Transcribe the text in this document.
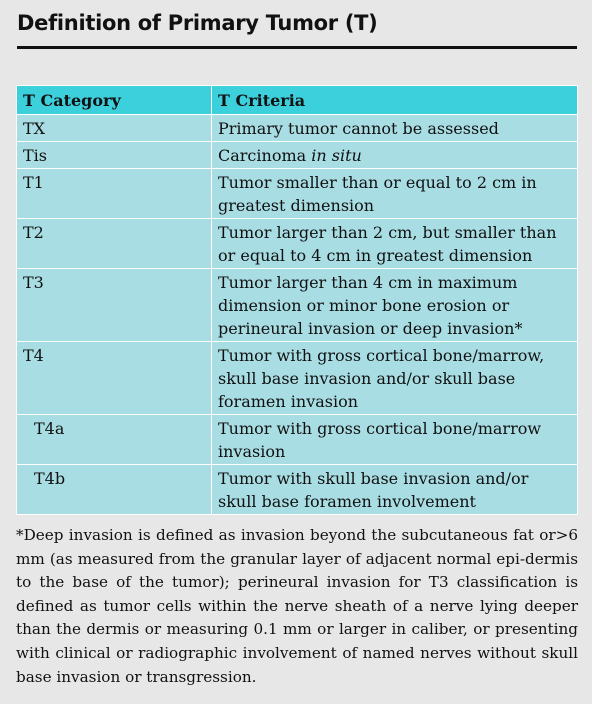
Definition of Primary Tumor (T)
T Category	T Criteria
TX	Primary tumor cannot be assessed
Tis	Carcinoma in situ
T1	Tumor smaller than or equal to 2 cm in greatest dimension
T2	Tumor larger than 2 cm, but smaller than or equal to 4 cm in greatest dimension
T3	Tumor larger than 4 cm in maximum dimension or minor bone erosion or perineural invasion or deep invasion*
T4	Tumor with gross cortical bone/marrow, skull base invasion and/or skull base foramen invasion
T4a	Tumor with gross cortical bone/marrow invasion
T4b	Tumor with skull base invasion and/or skull base foramen involvement
*Deep invasion is defined as invasion beyond the subcutaneous fat or>6 mm (as measured from the granular layer of adjacent normal epi-dermis to the base of the tumor); perineural invasion for T3 classification is defined as tumor cells within the nerve sheath of a nerve lying deeper than the dermis or measuring 0.1 mm or larger in caliber, or presenting with clinical or radiographic involvement of named nerves without skull base invasion or transgression.
